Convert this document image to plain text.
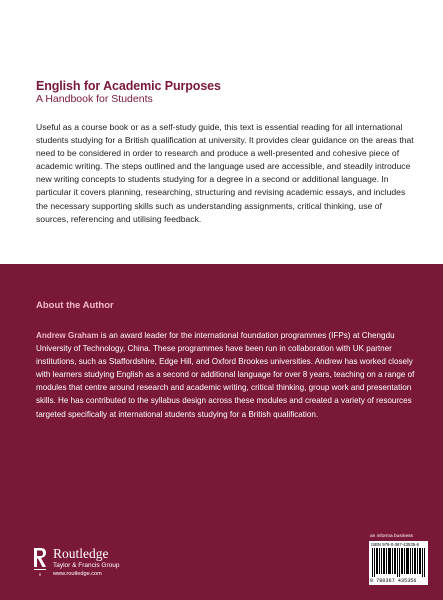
English for Academic Purposes
A Handbook for Students

Useful as a course book or as a self-study guide, this text is essential reading for all international students studying for a British qualification at university. It provides clear guidance on the areas that need to be considered in order to research and produce a well-presented and cohesive piece of academic writing. The steps outlined and the language used are accessible, and steadily introduce new writing concepts to students studying for a degree in a second or additional language. In particular it covers planning, researching, structuring and revising academic essays, and includes the necessary supporting skills such as understanding assignments, critical thinking, use of sources, referencing and utilising feedback.

About the Author

Andrew Graham is an award leader for the international foundation programmes (IFPs) at Chengdu University of Technology, China. These programmes have been run in collaboration with UK partner institutions, such as Staffordshire, Edge Hill, and Oxford Brookes universities. Andrew has worked closely with learners studying English as a second or additional language for over 8 years, teaching on a range of modules that centre around research and academic writing, critical thinking, group work and presentation skills. He has contributed to the syllabus design across these modules and created a variety of resources targeted specifically at international students studying for a British qualification.

R
Routledge
Taylor & Francis Group
www.routledge.com
an informa business
ISBN 978-0-367-43535-6
9 780367 435356
